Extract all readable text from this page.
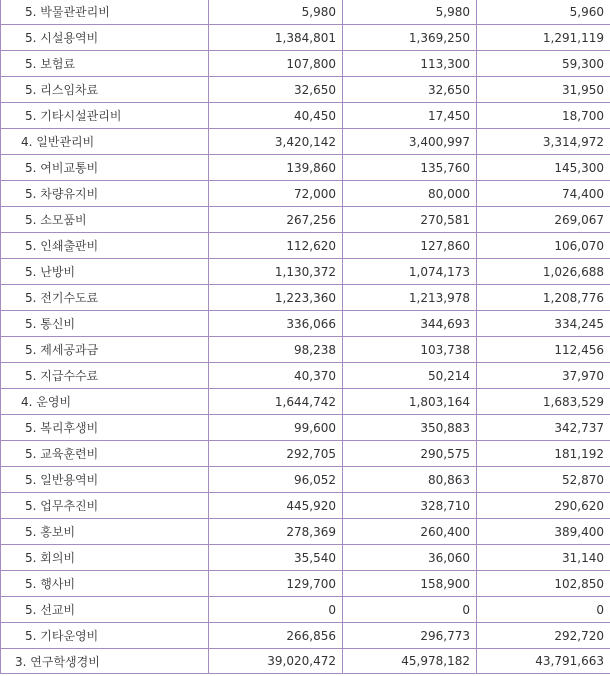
5. 박물관관리비	5,980	5,980	5,960
5. 시설용역비	1,384,801	1,369,250	1,291,119
5. 보험료	107,800	113,300	59,300
5. 리스임차료	32,650	32,650	31,950
5. 기타시설관리비	40,450	17,450	18,700
4. 일반관리비	3,420,142	3,400,997	3,314,972
5. 여비교통비	139,860	135,760	145,300
5. 차량유지비	72,000	80,000	74,400
5. 소모품비	267,256	270,581	269,067
5. 인쇄출판비	112,620	127,860	106,070
5. 난방비	1,130,372	1,074,173	1,026,688
5. 전기수도료	1,223,360	1,213,978	1,208,776
5. 통신비	336,066	344,693	334,245
5. 제세공과금	98,238	103,738	112,456
5. 지급수수료	40,370	50,214	37,970
4. 운영비	1,644,742	1,803,164	1,683,529
5. 복리후생비	99,600	350,883	342,737
5. 교육훈련비	292,705	290,575	181,192
5. 일반용역비	96,052	80,863	52,870
5. 업무추진비	445,920	328,710	290,620
5. 홍보비	278,369	260,400	389,400
5. 회의비	35,540	36,060	31,140
5. 행사비	129,700	158,900	102,850
5. 선교비	0	0	0
5. 기타운영비	266,856	296,773	292,720
3. 연구학생경비	39,020,472	45,978,182	43,791,663
